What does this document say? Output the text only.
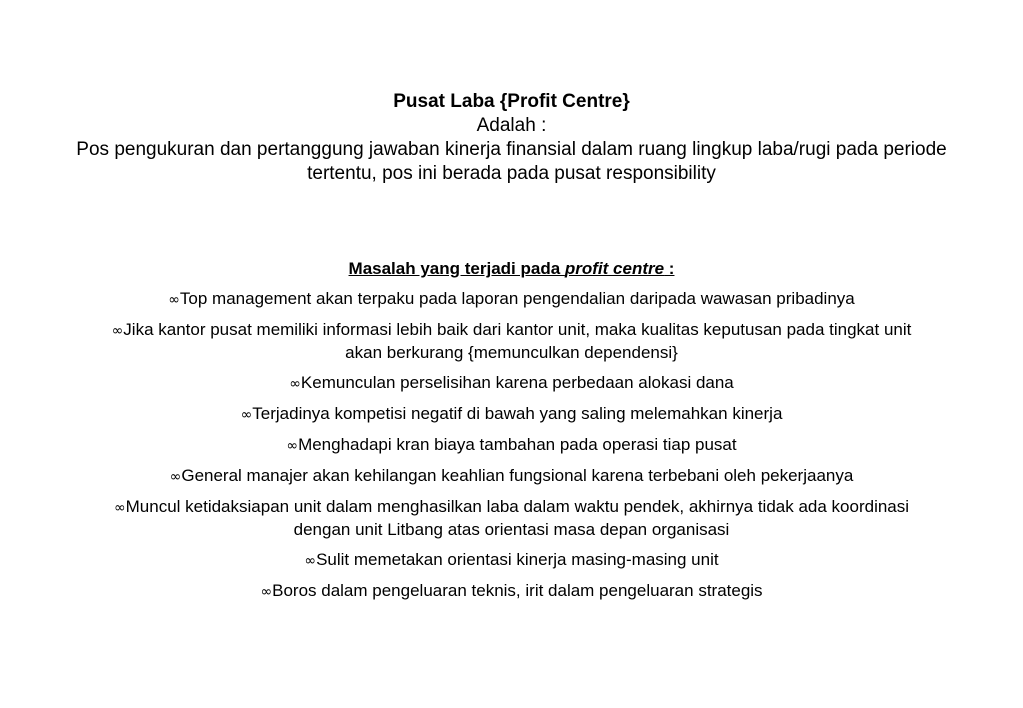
Pusat Laba {Profit Centre}
Adalah :
Pos pengukuran dan pertanggung jawaban kinerja finansial dalam ruang lingkup laba/rugi pada periode tertentu, pos ini berada pada pusat responsibility
Masalah yang terjadi pada profit centre :
∞Top management akan terpaku pada laporan pengendalian daripada wawasan pribadinya
∞Jika kantor pusat memiliki informasi lebih baik dari kantor unit, maka kualitas keputusan pada tingkat unit akan berkurang {memunculkan dependensi}
∞Kemunculan perselisihan karena perbedaan alokasi dana
∞Terjadinya kompetisi negatif di bawah yang saling melemahkan kinerja
∞Menghadapi kran biaya tambahan pada operasi tiap pusat
∞General manajer akan kehilangan keahlian fungsional karena terbebani oleh pekerjaanya
∞Muncul ketidaksiapan unit dalam menghasilkan laba dalam waktu pendek, akhirnya tidak ada koordinasi dengan unit Litbang atas orientasi masa depan organisasi
∞Sulit memetakan orientasi kinerja masing-masing unit
∞Boros dalam pengeluaran teknis, irit dalam pengeluaran strategis
